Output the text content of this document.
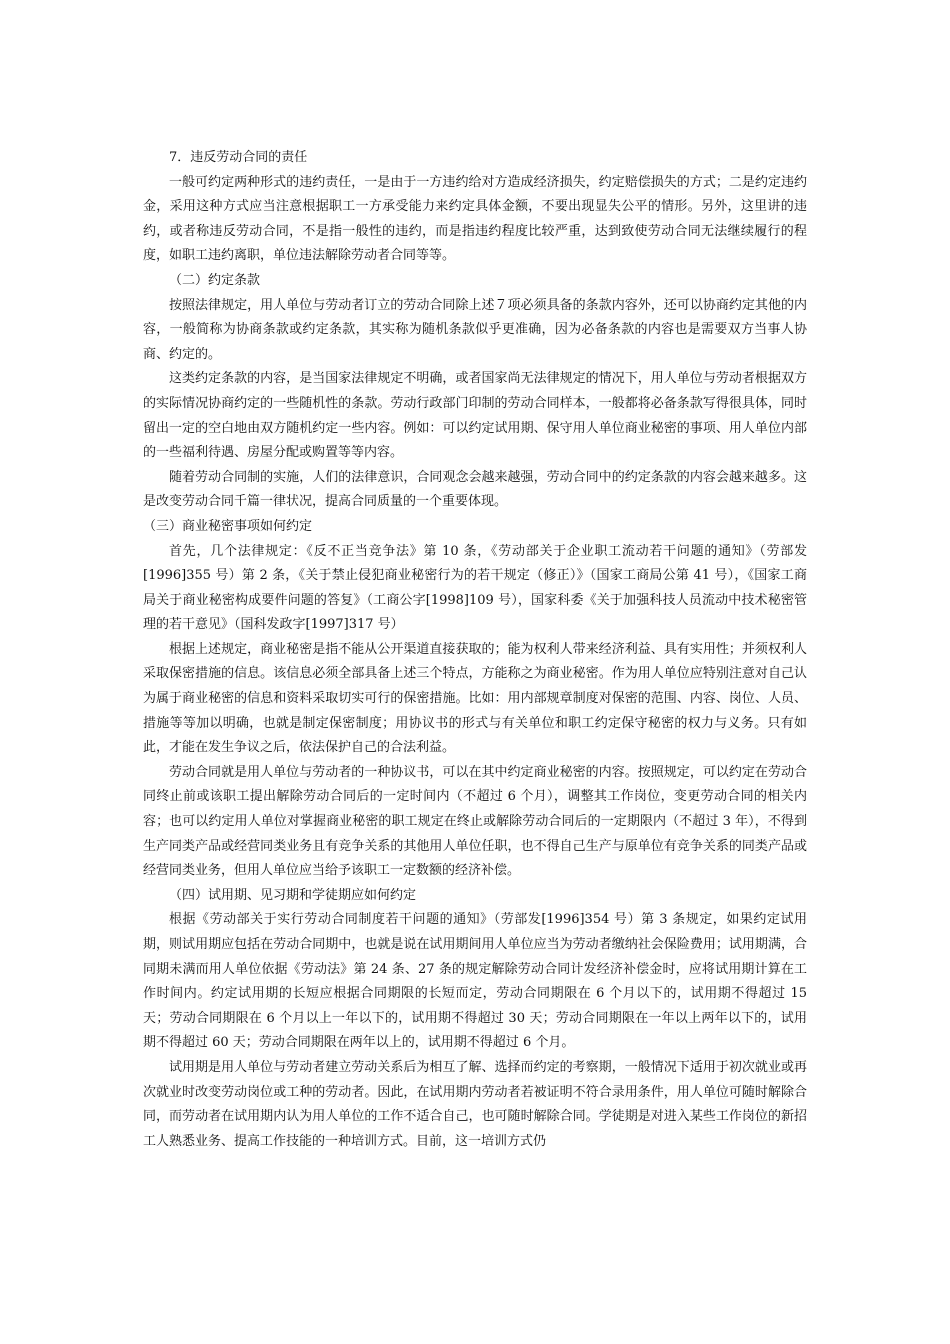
7．违反劳动合同的责任

一般可约定两种形式的违约责任，一是由于一方违约给对方造成经济损失，约定赔偿损失的方式；二是约定违约金，采用这种方式应当注意根据职工一方承受能力来约定具体金额，不要出现显失公平的情形。另外，这里讲的违约，或者称违反劳动合同，不是指一般性的违约，而是指违约程度比较严重，达到致使劳动合同无法继续履行的程度，如职工违约离职，单位违法解除劳动者合同等等。

（二）约定条款

按照法律规定，用人单位与劳动者订立的劳动合同除上述７项必须具备的条款内容外，还可以协商约定其他的内容，一般简称为协商条款或约定条款，其实称为随机条款似乎更准确，因为必备条款的内容也是需要双方当事人协商、约定的。

这类约定条款的内容，是当国家法律规定不明确，或者国家尚无法律规定的情况下，用人单位与劳动者根据双方的实际情况协商约定的一些随机性的条款。劳动行政部门印制的劳动合同样本，一般都将必备条款写得很具体，同时留出一定的空白地由双方随机约定一些内容。例如：可以约定试用期、保守用人单位商业秘密的事项、用人单位内部的一些福利待遇、房屋分配或购置等等内容。

随着劳动合同制的实施，人们的法律意识，合同观念会越来越强，劳动合同中的约定条款的内容会越来越多。这是改变劳动合同千篇一律状况，提高合同质量的一个重要体现。

（三）商业秘密事项如何约定

首先，几个法律规定：《反不正当竞争法》第 10 条，《劳动部关于企业职工流动若干问题的通知》（劳部发[1996]355 号）第 2 条，《关于禁止侵犯商业秘密行为的若干规定（修正）》（国家工商局公第 41 号），《国家工商局关于商业秘密构成要件问题的答复》（工商公字[1998]109 号），国家科委《关于加强科技人员流动中技术秘密管理的若干意见》（国科发政字[1997]317 号）

根据上述规定，商业秘密是指不能从公开渠道直接获取的；能为权利人带来经济利益、具有实用性；并须权利人采取保密措施的信息。该信息必须全部具备上述三个特点，方能称之为商业秘密。作为用人单位应特别注意对自己认为属于商业秘密的信息和资料采取切实可行的保密措施。比如：用内部规章制度对保密的范围、内容、岗位、人员、措施等等加以明确，也就是制定保密制度；用协议书的形式与有关单位和职工约定保守秘密的权力与义务。只有如此，才能在发生争议之后，依法保护自己的合法利益。

劳动合同就是用人单位与劳动者的一种协议书，可以在其中约定商业秘密的内容。按照规定，可以约定在劳动合同终止前或该职工提出解除劳动合同后的一定时间内（不超过 6 个月），调整其工作岗位，变更劳动合同的相关内容；也可以约定用人单位对掌握商业秘密的职工规定在终止或解除劳动合同后的一定期限内（不超过 3 年），不得到生产同类产品或经营同类业务且有竞争关系的其他用人单位任职，也不得自己生产与原单位有竞争关系的同类产品或经营同类业务，但用人单位应当给予该职工一定数额的经济补偿。

（四）试用期、见习期和学徒期应如何约定

根据《劳动部关于实行劳动合同制度若干问题的通知》（劳部发[1996]354 号）第 3 条规定，如果约定试用期，则试用期应包括在劳动合同期中，也就是说在试用期间用人单位应当为劳动者缴纳社会保险费用；试用期满，合同期未满而用人单位依据《劳动法》第 24 条、27 条的规定解除劳动合同计发经济补偿金时，应将试用期计算在工作时间内。约定试用期的长短应根据合同期限的长短而定，劳动合同期限在 6 个月以下的，试用期不得超过 15 天；劳动合同期限在 6 个月以上一年以下的，试用期不得超过 30 天；劳动合同期限在一年以上两年以下的，试用期不得超过 60 天；劳动合同期限在两年以上的，试用期不得超过 6 个月。

试用期是用人单位与劳动者建立劳动关系后为相互了解、选择而约定的考察期，一般情况下适用于初次就业或再次就业时改变劳动岗位或工种的劳动者。因此，在试用期内劳动者若被证明不符合录用条件，用人单位可随时解除合同，而劳动者在试用期内认为用人单位的工作不适合自己，也可随时解除合同。学徒期是对进入某些工作岗位的新招工人熟悉业务、提高工作技能的一种培训方式。目前，这一培训方式仍
